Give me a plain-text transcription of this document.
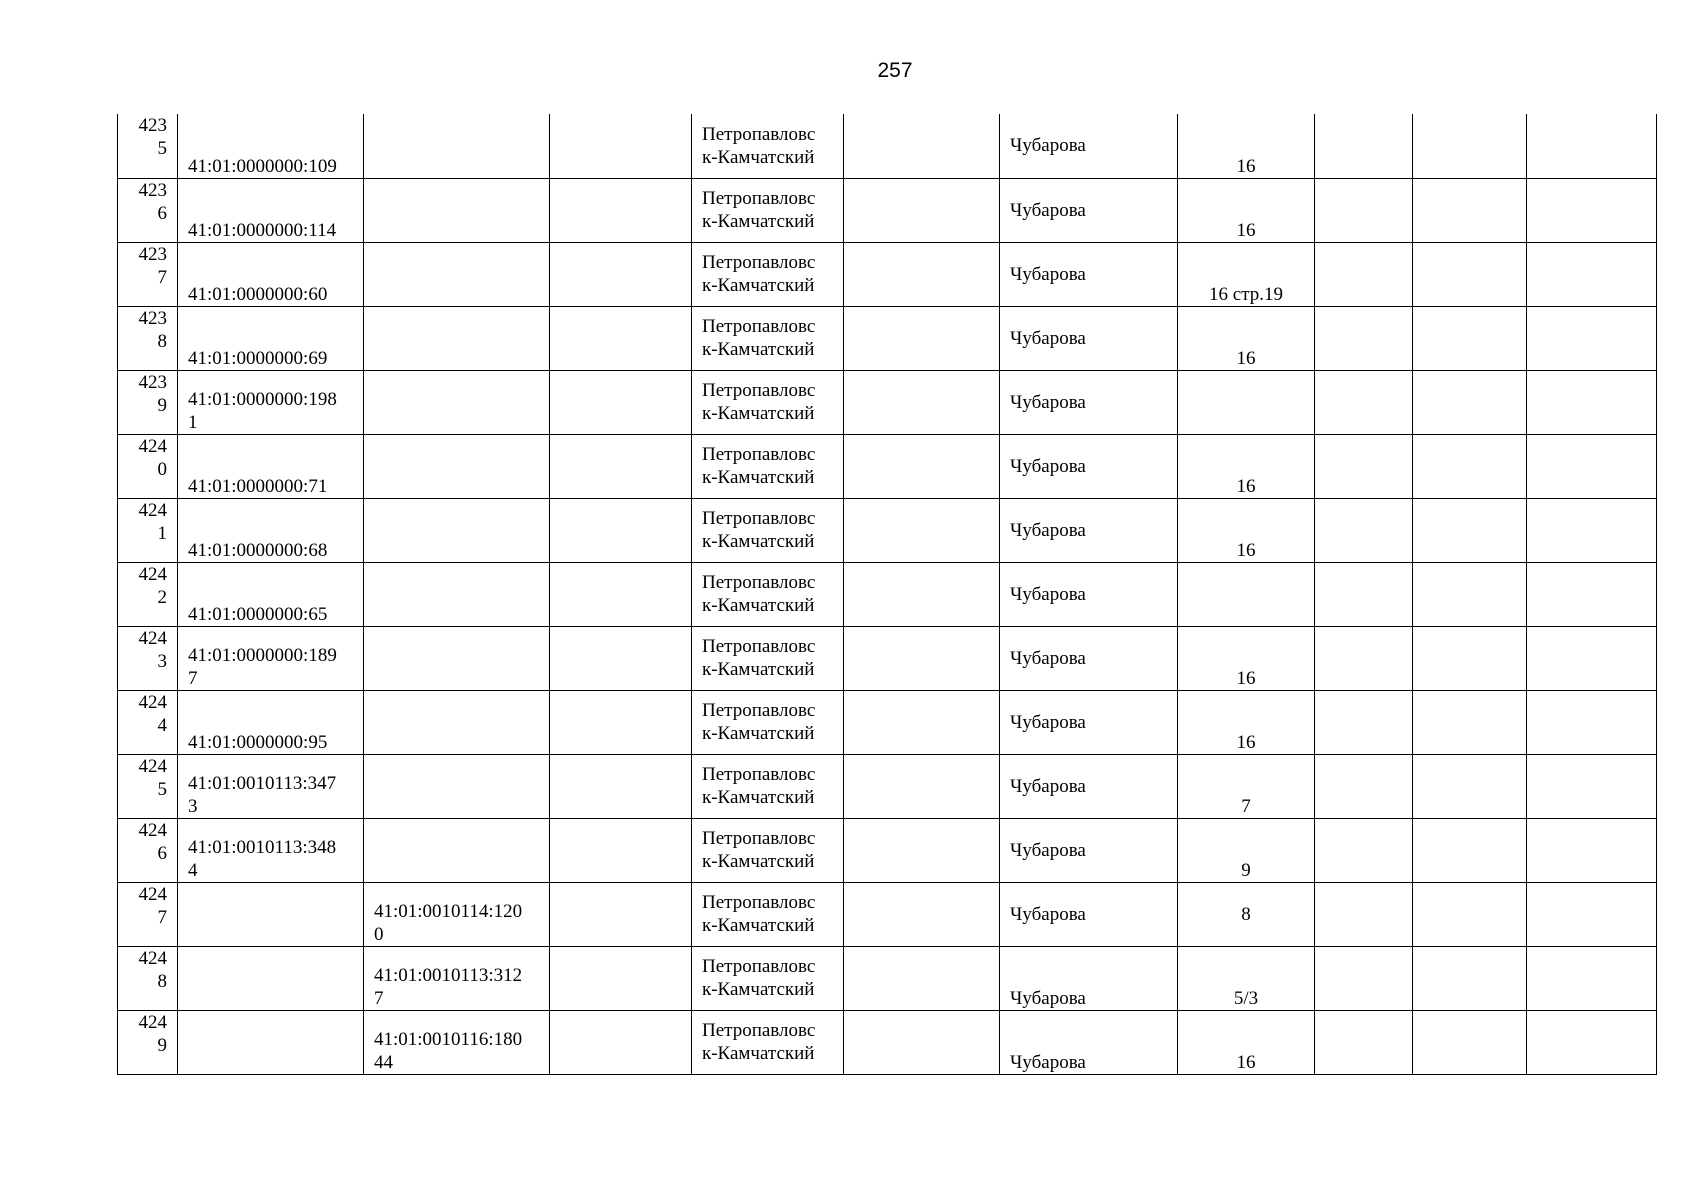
257
423
5	41:01:0000000:109			Петропавловс
к-Камчатский		Чубарова	16			

423
6	41:01:0000000:114			Петропавловс
к-Камчатский		Чубарова	16			

423
7	41:01:0000000:60			Петропавловс
к-Камчатский		Чубарова	16 стр.19			

423
8	41:01:0000000:69			Петропавловс
к-Камчатский		Чубарова	16			

423
9	41:01:0000000:198
1			Петропавловс
к-Камчатский		Чубарова				

424
0	41:01:0000000:71			Петропавловс
к-Камчатский		Чубарова	16			

424
1	41:01:0000000:68			Петропавловс
к-Камчатский		Чубарова	16			

424
2	41:01:0000000:65			Петропавловс
к-Камчатский		Чубарова				

424
3	41:01:0000000:189
7			Петропавловс
к-Камчатский		Чубарова	16			

424
4	41:01:0000000:95			Петропавловс
к-Камчатский		Чубарова	16			

424
5	41:01:0010113:347
3			Петропавловс
к-Камчатский		Чубарова	7			

424
6	41:01:0010113:348
4			Петропавловс
к-Камчатский		Чубарова	9			

424
7		41:01:0010114:120
0		Петропавловс
к-Камчатский		Чубарова	8			

424
8		41:01:0010113:312
7		Петропавловс
к-Камчатский		Чубарова	5/3			

424
9		41:01:0010116:180
44		Петропавловс
к-Камчатский		Чубарова	16			
